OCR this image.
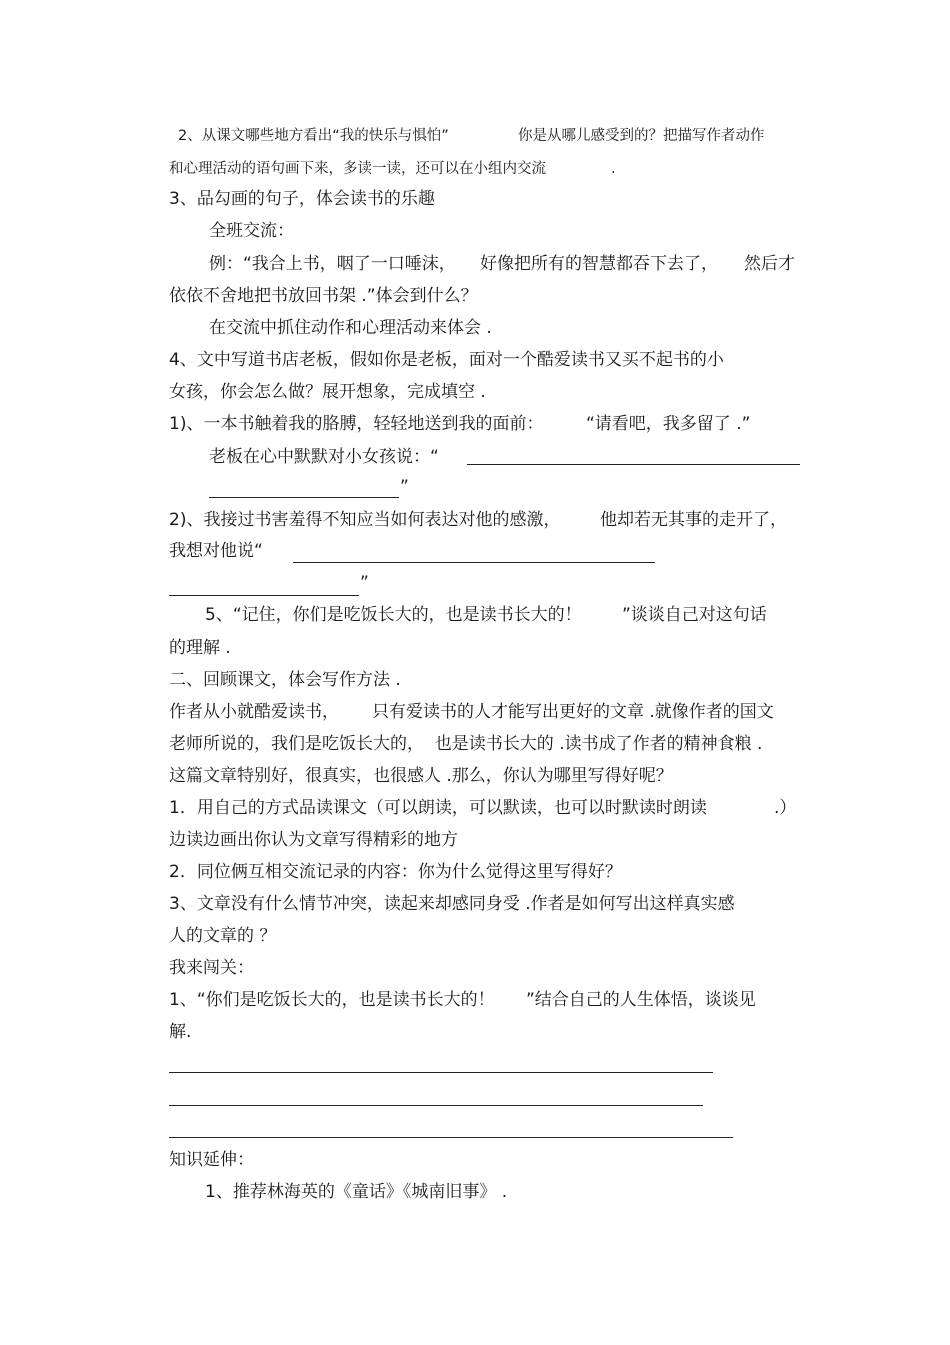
2、从课文哪些地方看出“我的快乐与惧怕”	你是从哪儿感受到的？把描写作者动作
和心理活动的语句画下来，多读一读，还可以在小组内交流	.
3、品勾画的句子，体会读书的乐趣
全班交流：
例：“我合上书，咽了一口唾沫， 好像把所有的智慧都吞下去了， 然后才
依依不舍地把书放回书架 .”体会到什么？
在交流中抓住动作和心理活动来体会 .
4、文中写道书店老板，假如你是老板，面对一个酷爱读书又买不起书的小
女孩，你会怎么做？展开想象，完成填空 .
1)、一本书触着我的胳膊，轻轻地送到我的面前：	“请看吧，我多留了 .”
老板在心中默默对小女孩说：“
”
2)、我接过书害羞得不知应当如何表达对他的感激， 他却若无其事的走开了，
我想对他说“
”
5、“记住，你们是吃饭长大的，也是读书长大的！ ”谈谈自己对这句话
的理解 .
二、回顾课文，体会写作方法 .
作者从小就酷爱读书， 只有爱读书的人才能写出更好的文章 .就像作者的国文
老师所说的，我们是吃饭长大的，  也是读书长大的 .读书成了作者的精神食粮 .
这篇文章特别好，很真实，也很感人 .那么，你认为哪里写得好呢？
1．用自己的方式品读课文（可以朗读，可以默读，也可以时默读时朗读	.）
边读边画出你认为文章写得精彩的地方
2．同位俩互相交流记录的内容：你为什么觉得这里写得好？
3、文章没有什么情节冲突，读起来却感同身受 .作者是如何写出这样真实感
人的文章的 ？
我来闯关：
1、“你们是吃饭长大的，也是读书长大的！ ”结合自己的人生体悟，谈谈见
解.
知识延伸：
1、推荐林海英的《童话》《城南旧事》 .
